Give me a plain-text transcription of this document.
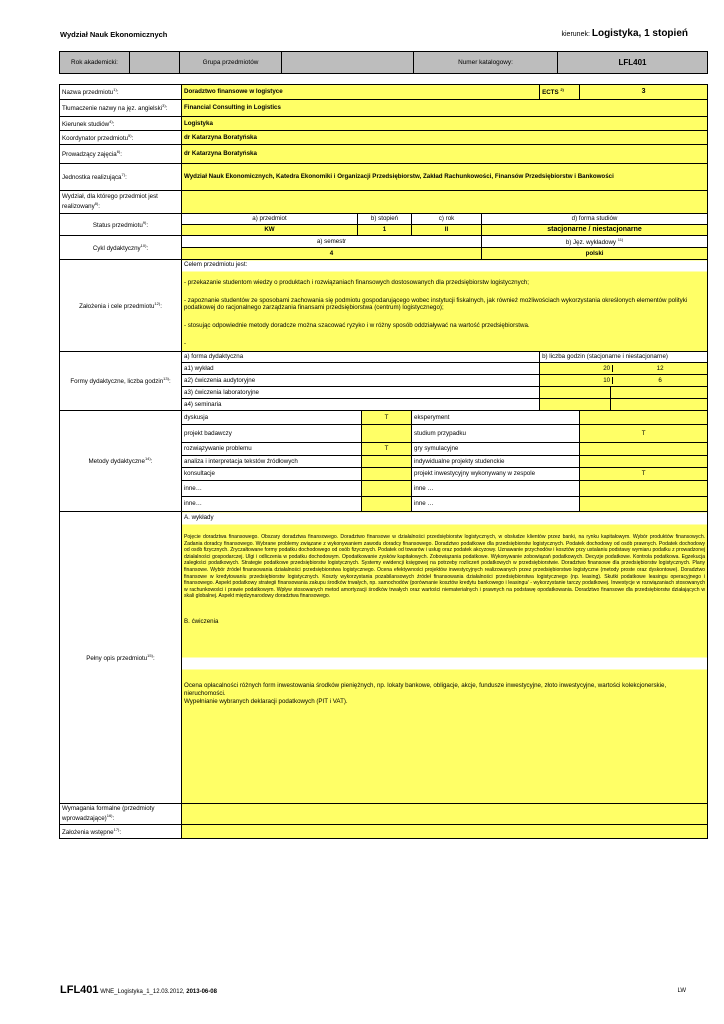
Wydział Nauk Ekonomicznych	kierunek: Logistyka, 1 stopień
Rok akademicki:		Grupa przedmiotów		Numer katalogowy:	LFL401
Nazwa przedmiotu$^{1)}$:	Doradztwo finansowe w logistyce					ECTS $^{2)}$	3
Tłumaczenie nazwy na jęz. angielski$^{3)}$:	Financial Consulting in Logistics						
Kierunek studiów$^{4)}$:	Logistyka						
Koordynator przedmiotu$^{5)}$:	dr Katarzyna Boratyńska						
Prowadzący zajęcia$^{6)}$:	dr Katarzyna Boratyńska						
Jednostka realizująca$^{7)}$:	Wydział Nauk Ekonomicznych, Katedra Ekonomiki i Organizacji Przedsiębiorstw, Zakład Rachunkowości, Finansów Przedsiębiorstw i Bankowości						
Wydział, dla którego przedmiot jest realizowany$^{8)}$:							
Status przedmiotu$^{9)}$:	a) przedmiot	b) stopień		c) rok	d) forma studiów		
	KW	1		II	stacjonarne / niestacjonarne		
Cykl dydaktyczny$^{10)}$:	a) semestr				b) Jęz. wykładowy $^{11)}$
	4				polski		
Założenia i cele przedmiotu$^{12)}$:	Celem przedmiotu jest:
- przekazanie studentom wiedzy o produktach i rozwiązaniach finansowych dostosowanych dla przedsiębiorstw logistycznych;
- zapoznanie studentów ze sposobami zachowania się podmiotu gospodarującego wobec instytucji fiskalnych, jak również możliwościach wykorzystania określonych elementów polityki podatkowej do racjonalnego zarządzania finansami przedsiębiorstwa (centrum) logistycznego);
- stosując odpowiednie metody doradcze można szacować ryzyko i w różny sposób oddziaływać na wartość przedsiębiorstwa.
-						

Formy dydaktyczne, liczba godzin$^{13)}$:	a) forma dydaktyczna					b) liczba godzin (stacjonarne i niestacjonarne)	
	a1) wykład					20 12	

	a2) ćwiczenia audytoryjne					10 6	

	a3) ćwiczenia laboratoryjne						

	a4) seminaria						

Metody dydaktyczne$^{14)}$:	dyskusja		T	eksperyment			
	projekt badawczy			studium przypadku			T
	rozwiązywanie problemu		T	gry symulacyjne			
	analiza i interpretacja tekstów źródłowych			indywidualne projekty studenckie			
	konsultacje			projekt inwestycyjny wykonywany w zespole			T
	inne…			inne …			
	inne…			inne …			
Pełny opis przedmiotu$^{15)}$:	A. wykłady

Pojęcie doradztwa finansowego. Obszary doradztwa finansowego. Doradztwo finansowe w działalności przedsiębiorstw logistycznych, w obsłudze klientów przez banki, na rynku kapitałowym. Wybór produktów finansowych. Zadania doradcy finansowego. Wybrane problemy związane z wykonywaniem zawodu doradcy finansowego. Doradztwo podatkowe dla przedsiębiorstw logistycznych. Podatek dochodowy od osób prawnych. Podatek dochodowy od osób fizycznych. Zryczałtowane formy podatku dochodowego od osób fizycznych. Podatek od towarów i usług oraz podatek akcyzowy. Uznawanie przychodów i kosztów przy ustalaniu podstawy wymiaru podatku z prowadzonej działalności gospodarczej. Ulgi i odliczenia w podatku dochodowym. Opodatkowanie zysków kapitałowych. Zobowiązania podatkowe. Wykonywanie zobowiązań podatkowych. Decyzje podatkowe. Kontrola podatkowa. Egzekucja zaległości podatkowych. Strategie podatkowe przedsiębiorstw logistycznych. Systemy ewidencji księgowej na potrzeby rozliczeń podatkowych w przedsiębiorstwie. Doradztwo finansowe dla przedsiębiorstw logistycznych. Plany finansowe. Wybór źródeł finansowania działalności przedsiębiorstwa logistycznego. Ocena efektywności projektów inwestycyjnych realizowanych przez przedsiębiorstwo logistyczne (metody proste oraz dyskontowe). Doradztwo finansowe w kredytowaniu przedsiębiorstw logistycznych. Koszty wykorzystania pozabilansowych źródeł finansowania działalności przedsiębiorstwa logistycznego (np. leasing). Skutki podatkowe leasingu operacyjnego i finansowego. Aspekt podatkowy strategii finansowania zakupu środków trwałych, np. samochodów (porównanie kosztów kredytu bankowego i leasingu/ - wykorzystanie tarczy podatkowej. Inwestycje w rozwiązaniach stosowanych w rachunkowości i prawie podatkowym. Wpływ stosowanych metod amortyzacji środków trwałych oraz wartości niematerialnych i prawnych na podstawę opodatkowania. Doradztwo finansowe dla przedsiębiorstw działających w skali globalnej. Aspekt międzynarodowy doradztwa finansowego.

B. ćwiczenia

Ocena opłacalności różnych form inwestowania środków pieniężnych, np. lokaty bankowe, obligacje, akcje, fundusze inwestycyjne, złoto inwestycyjne, wartości kolekcjonerskie, nieruchomości.

Wypełnianie wybranych deklaracji podatkowych (PIT i VAT).						

Wymagania formalne (przedmioty wprowadzające)$^{16)}$:							
Założenia wstępne$^{17)}$:							
LFL401 WNE_Logistyka_1_12.03.2012, 2013-06-08	LW
